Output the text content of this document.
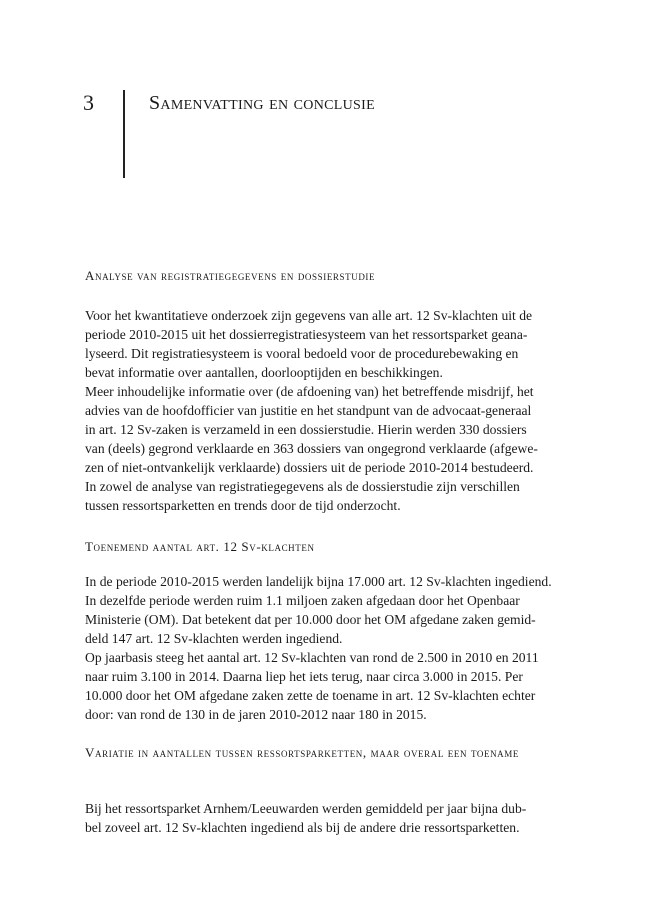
3	Samenvatting en conclusie
Analyse van registratiegegevens en dossierstudie

Voor het kwantitatieve onderzoek zijn gegevens van alle art. 12 Sv-klachten uit de
periode 2010-2015 uit het dossierregistratiesysteem van het ressortsparket geana-
lyseerd. Dit registratiesysteem is vooral bedoeld voor de procedurebewaking en
bevat informatie over aantallen, doorlooptijden en beschikkingen.

Meer inhoudelijke informatie over (de afdoening van) het betreffende misdrijf, het
advies van de hoofdofficier van justitie en het standpunt van de advocaat-generaal
in art. 12 Sv-zaken is verzameld in een dossierstudie. Hierin werden 330 dossiers
van (deels) gegrond verklaarde en 363 dossiers van ongegrond verklaarde (afgewe-
zen of niet-ontvankelijk verklaarde) dossiers uit de periode 2010-2014 bestudeerd.

In zowel de analyse van registratiegegevens als de dossierstudie zijn verschillen
tussen ressortsparketten en trends door de tijd onderzocht.

Toenemend aantal art. 12 Sv-klachten

In de periode 2010-2015 werden landelijk bijna 17.000 art. 12 Sv-klachten ingediend.
In dezelfde periode werden ruim 1.1 miljoen zaken afgedaan door het Openbaar
Ministerie (OM). Dat betekent dat per 10.000 door het OM afgedane zaken gemid-
deld 147 art. 12 Sv-klachten werden ingediend.

Op jaarbasis steeg het aantal art. 12 Sv-klachten van rond de 2.500 in 2010 en 2011
naar ruim 3.100 in 2014. Daarna liep het iets terug, naar circa 3.000 in 2015. Per
10.000 door het OM afgedane zaken zette de toename in art. 12 Sv-klachten echter
door: van rond de 130 in de jaren 2010-2012 naar 180 in 2015.

Variatie in aantallen tussen ressortsparketten, maar overal een toename

Bij het ressortsparket Arnhem/Leeuwarden werden gemiddeld per jaar bijna dub-
bel zoveel art. 12 Sv-klachten ingediend als bij de andere drie ressortsparketten.
